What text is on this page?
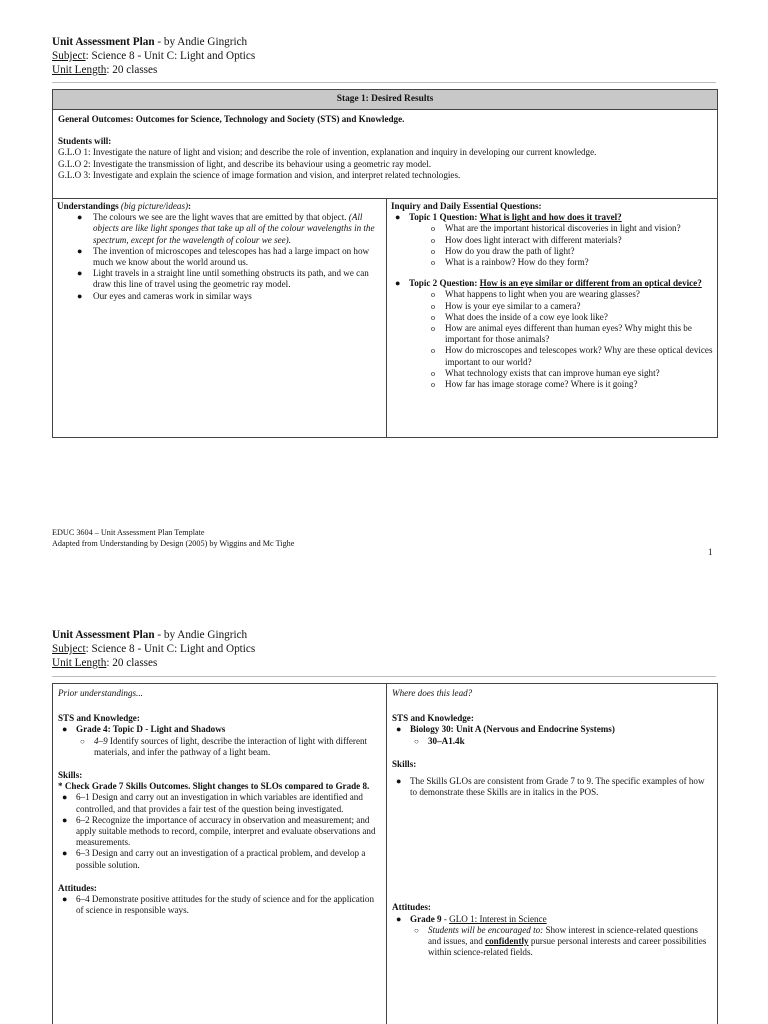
Unit Assessment Plan - by Andie Gingrich
Subject: Science 8 - Unit C: Light and Optics
Unit Length: 20 classes
Stage 1: Desired Results
General Outcomes: Outcomes for Science, Technology and Society (STS) and Knowledge.
Students will:
G.L.O 1: Investigate the nature of light and vision; and describe the role of invention, explanation and inquiry in developing our current knowledge.
G.L.O 2: Investigate the transmission of light, and describe its behaviour using a geometric ray model.
G.L.O 3: Investigate and explain the science of image formation and vision, and interpret related technologies.
Understandings (big picture/ideas):
● The colours we see are the light waves that are emitted by that object. (All objects are like light sponges that take up all of the colour wavelengths in the spectrum, except for the wavelength of colour we see).
● The invention of microscopes and telescopes has had a large impact on how much we know about the world around us.
● Light travels in a straight line until something obstructs its path, and we can draw this line of travel using the geometric ray model.
● Our eyes and cameras work in similar ways
Inquiry and Daily Essential Questions:
● Topic 1 Question: What is light and how does it travel?
o What are the important historical discoveries in light and vision?
o How does light interact with different materials?
o How do you draw the path of light?
o What is a rainbow? How do they form?
● Topic 2 Question: How is an eye similar or different from an optical device?
o What happens to light when you are wearing glasses?
o How is your eye similar to a camera?
o What does the inside of a cow eye look like?
o How are animal eyes different than human eyes? Why might this be important for those animals?
o How do microscopes and telescopes work? Why are these optical devices important to our world?
o What technology exists that can improve human eye sight?
o How far has image storage come? Where is it going?
EDUC 3604 – Unit Assessment Plan Template
Adapted from Understanding by Design (2005) by Wiggins and Mc Tighe
1
Unit Assessment Plan - by Andie Gingrich
Subject: Science 8 - Unit C: Light and Optics
Unit Length: 20 classes
Prior understandings...
STS and Knowledge:
● Grade 4: Topic D - Light and Shadows
○ 4–9 Identify sources of light, describe the interaction of light with different materials, and infer the pathway of a light beam.
Skills:
* Check Grade 7 Skills Outcomes. Slight changes to SLOs compared to Grade 8.
● 6–1 Design and carry out an investigation in which variables are identified and controlled, and that provides a fair test of the question being investigated.
● 6–2 Recognize the importance of accuracy in observation and measurement; and apply suitable methods to record, compile, interpret and evaluate observations and measurements.
● 6–3 Design and carry out an investigation of a practical problem, and develop a possible solution.
Attitudes:
● 6–4 Demonstrate positive attitudes for the study of science and for the application of science in responsible ways.
Where does this lead?
STS and Knowledge:
● Biology 30: Unit A (Nervous and Endocrine Systems)
○ 30–A1.4k
Skills:
● The Skills GLOs are consistent from Grade 7 to 9. The specific examples of how to demonstrate these Skills are in italics in the POS.
Attitudes:
● Grade 9 - GLO 1: Interest in Science
○ Students will be encouraged to: Show interest in science-related questions and issues, and confidently pursue personal interests and career possibilities within science-related fields.
